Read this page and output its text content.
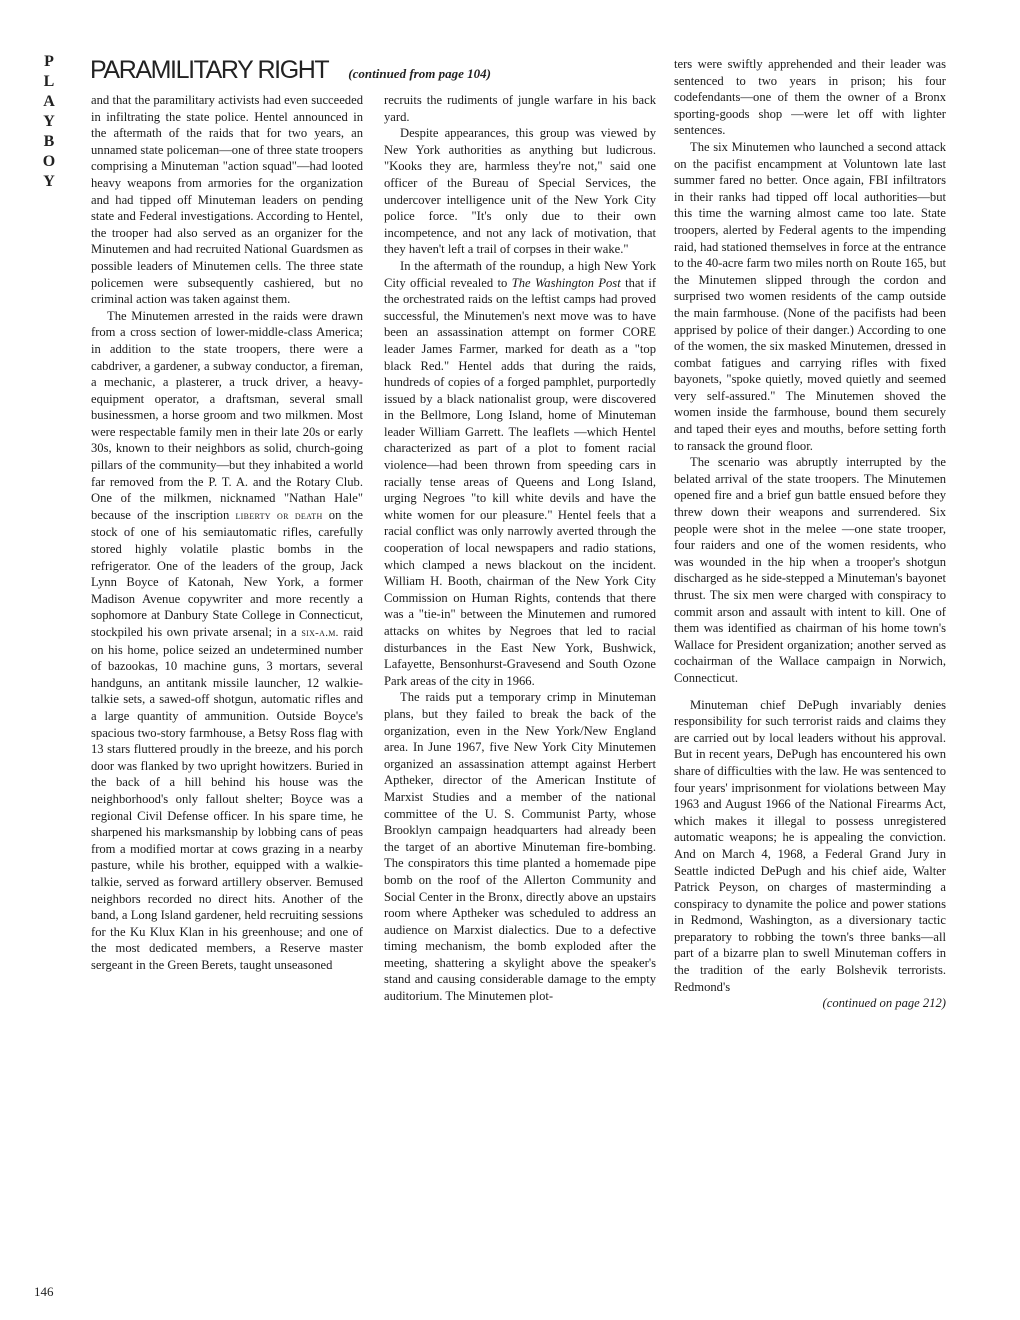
P
L
A
Y
B
O
Y
PARAMILITARY RIGHT (continued from page 104)

and that the paramilitary activists had even succeeded in infiltrating the state police. Hentel announced in the aftermath of the raids that for two years, an unnamed state policeman—one of three state troopers comprising a Minuteman "action squad"—had looted heavy weapons from armories for the organization and had tipped off Minuteman leaders on pending state and Federal investigations. According to Hentel, the trooper had also served as an organizer for the Minutemen and had recruited National Guardsmen as possible leaders of Minutemen cells. The three state policemen were subsequently cashiered, but no criminal action was taken against them.

The Minutemen arrested in the raids were drawn from a cross section of lower-middle-class America; in addition to the state troopers, there were a cabdriver, a gardener, a subway conductor, a fireman, a mechanic, a plasterer, a truck driver, a heavy-equipment operator, a draftsman, several small businessmen, a horse groom and two milkmen. Most were respectable family men in their late 20s or early 30s, known to their neighbors as solid, church-going pillars of the community—but they inhabited a world far removed from the P. T. A. and the Rotary Club. One of the milkmen, nicknamed "Nathan Hale" because of the inscription liberty or death on the stock of one of his semiautomatic rifles, carefully stored highly volatile plastic bombs in the refrigerator. One of the leaders of the group, Jack Lynn Boyce of Katonah, New York, a former Madison Avenue copywriter and more recently a sophomore at Danbury State College in Connecticut, stockpiled his own private arsenal; in a six-a.m. raid on his home, police seized an undetermined number of bazookas, 10 machine guns, 3 mortars, several handguns, an antitank missile launcher, 12 walkie-talkie sets, a sawed-off shotgun, automatic rifles and a large quantity of ammunition. Outside Boyce's spacious two-story farmhouse, a Betsy Ross flag with 13 stars fluttered proudly in the breeze, and his porch door was flanked by two upright howitzers. Buried in the back of a hill behind his house was the neighborhood's only fallout shelter; Boyce was a regional Civil Defense officer. In his spare time, he sharpened his marksmanship by lobbing cans of peas from a modified mortar at cows grazing in a nearby pasture, while his brother, equipped with a walkie-talkie, served as forward artillery observer. Bemused neighbors recorded no direct hits. Another of the band, a Long Island gardener, held recruiting sessions for the Ku Klux Klan in his greenhouse; and one of the most dedicated members, a Reserve master sergeant in the Green Berets, taught unseasoned

recruits the rudiments of jungle warfare in his back yard.

Despite appearances, this group was viewed by New York authorities as anything but ludicrous. "Kooks they are, harmless they're not," said one officer of the Bureau of Special Services, the undercover intelligence unit of the New York City police force. "It's only due to their own incompetence, and not any lack of motivation, that they haven't left a trail of corpses in their wake."

In the aftermath of the roundup, a high New York City official revealed to The Washington Post that if the orchestrated raids on the leftist camps had proved successful, the Minutemen's next move was to have been an assassination attempt on former CORE leader James Farmer, marked for death as a "top black Red." Hentel adds that during the raids, hundreds of copies of a forged pamphlet, purportedly issued by a black nationalist group, were discovered in the Bellmore, Long Island, home of Minuteman leader William Garrett. The leaflets —which Hentel characterized as part of a plot to foment racial violence—had been thrown from speeding cars in racially tense areas of Queens and Long Island, urging Negroes "to kill white devils and have the white women for our pleasure." Hentel feels that a racial conflict was only narrowly averted through the cooperation of local newspapers and radio stations, which clamped a news blackout on the incident. William H. Booth, chairman of the New York City Commission on Human Rights, contends that there was a "tie-in" between the Minutemen and rumored attacks on whites by Negroes that led to racial disturbances in the East New York, Bushwick, Lafayette, Bensonhurst-Gravesend and South Ozone Park areas of the city in 1966.

The raids put a temporary crimp in Minuteman plans, but they failed to break the back of the organization, even in the New York/New England area. In June 1967, five New York City Minutemen organized an assassination attempt against Herbert Aptheker, director of the American Institute of Marxist Studies and a member of the national committee of the U. S. Communist Party, whose Brooklyn campaign headquarters had already been the target of an abortive Minuteman fire-bombing. The conspirators this time planted a homemade pipe bomb on the roof of the Allerton Community and Social Center in the Bronx, directly above an upstairs room where Aptheker was scheduled to address an audience on Marxist dialectics. Due to a defective timing mechanism, the bomb exploded after the meeting, shattering a skylight above the speaker's stand and causing considerable damage to the empty auditorium. The Minutemen plot-

ters were swiftly apprehended and their leader was sentenced to two years in prison; his four codefendants—one of them the owner of a Bronx sporting-goods shop —were let off with lighter sentences.

The six Minutemen who launched a second attack on the pacifist encampment at Voluntown late last summer fared no better. Once again, FBI infiltrators in their ranks had tipped off local authorities—but this time the warning almost came too late. State troopers, alerted by Federal agents to the impending raid, had stationed themselves in force at the entrance to the 40-acre farm two miles north on Route 165, but the Minutemen slipped through the cordon and surprised two women residents of the camp outside the main farmhouse. (None of the pacifists had been apprised by police of their danger.) According to one of the women, the six masked Minutemen, dressed in combat fatigues and carrying rifles with fixed bayonets, "spoke quietly, moved quietly and seemed very self-assured." The Minutemen shoved the women inside the farmhouse, bound them securely and taped their eyes and mouths, before setting forth to ransack the ground floor.

The scenario was abruptly interrupted by the belated arrival of the state troopers. The Minutemen opened fire and a brief gun battle ensued before they threw down their weapons and surrendered. Six people were shot in the melee —one state trooper, four raiders and one of the women residents, who was wounded in the hip when a trooper's shotgun discharged as he side-stepped a Minuteman's bayonet thrust. The six men were charged with conspiracy to commit arson and assault with intent to kill. One of them was identified as chairman of his home town's Wallace for President organization; another served as cochairman of the Wallace campaign in Norwich, Connecticut.

Minuteman chief DePugh invariably denies responsibility for such terrorist raids and claims they are carried out by local leaders without his approval. But in recent years, DePugh has encountered his own share of difficulties with the law. He was sentenced to four years' imprisonment for violations between May 1963 and August 1966 of the National Firearms Act, which makes it illegal to possess unregistered automatic weapons; he is appealing the conviction. And on March 4, 1968, a Federal Grand Jury in Seattle indicted DePugh and his chief aide, Walter Patrick Peyson, on charges of masterminding a conspiracy to dynamite the police and power stations in Redmond, Washington, as a diversionary tactic preparatory to robbing the town's three banks—all part of a bizarre plan to swell Minuteman coffers in the tradition of the early Bolshevik terrorists. Redmond's

(continued on page 212)
146
